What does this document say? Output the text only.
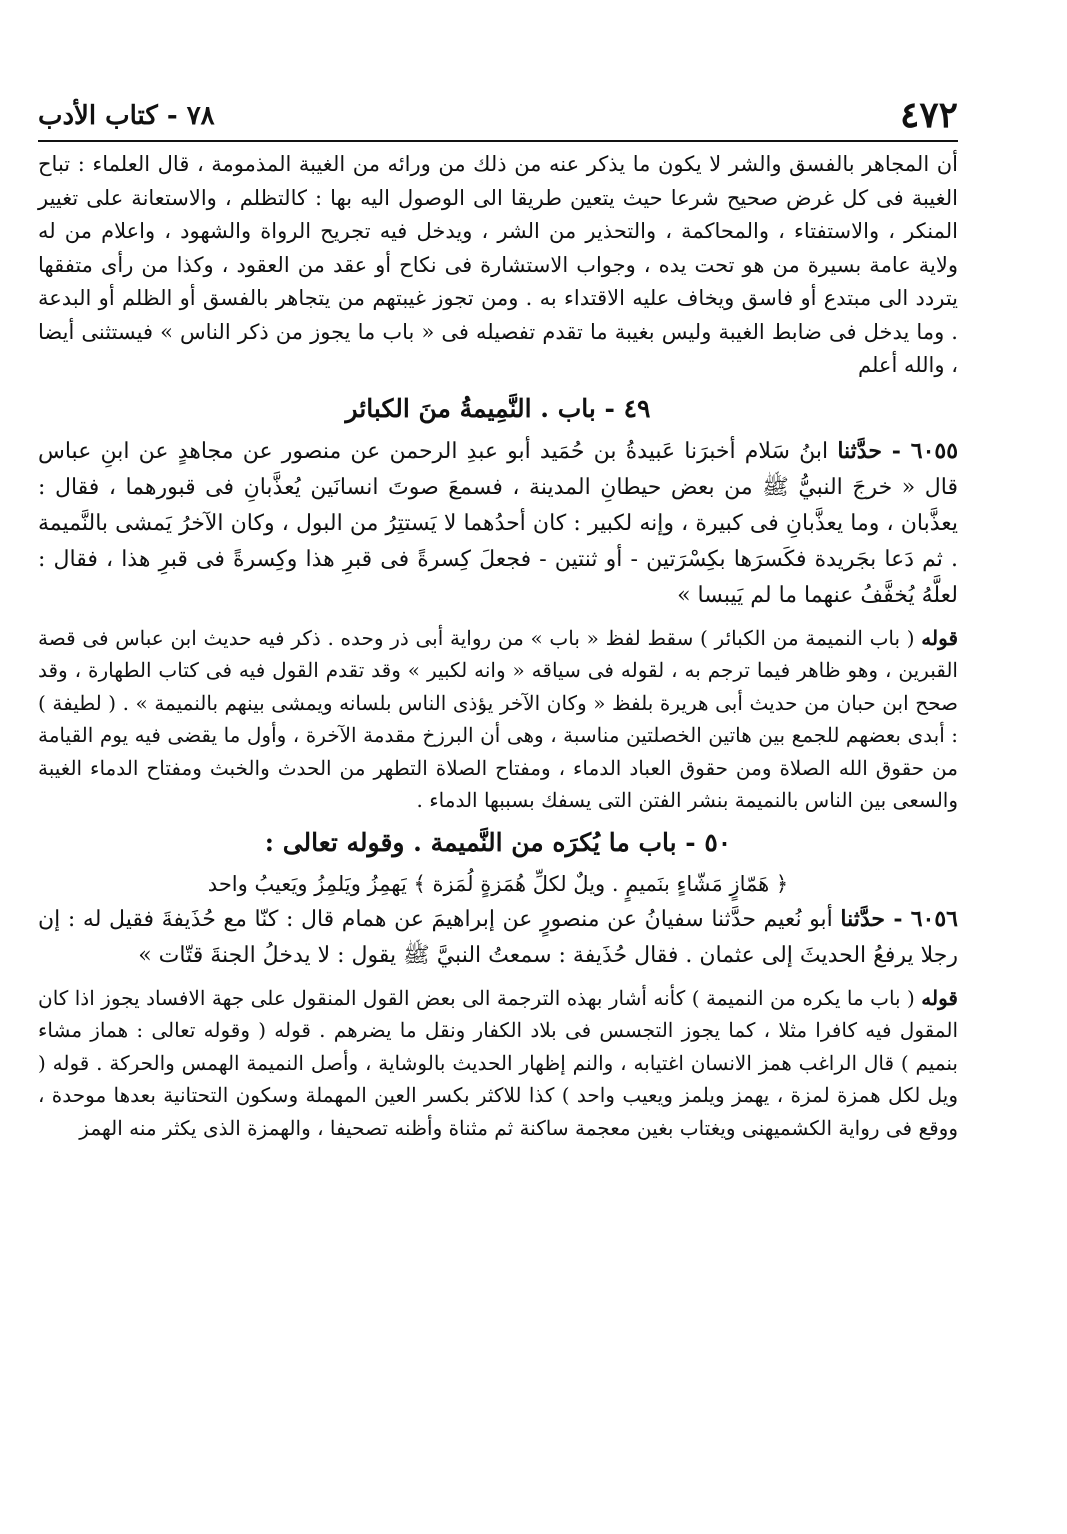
٤٧٢
٧٨ - كتاب الأدب

أن المجاهر بالفسق والشر لا يكون ما يذكر عنه من ذلك من ورائه من الغيبة المذمومة ، قال العلماء : تباح الغيبة فى كل غرض صحيح شرعا حيث يتعين طريقا الى الوصول اليه بها : كالتظلم ، والاستعانة على تغيير المنكر ، والاستفتاء ، والمحاكمة ، والتحذير من الشر ، ويدخل فيه تجريح الرواة والشهود ، واعلام من له ولاية عامة بسيرة من هو تحت يده ، وجواب الاستشارة فى نكاح أو عقد من العقود ، وكذا من رأى متفقها يتردد الى مبتدع أو فاسق ويخاف عليه الاقتداء به . ومن تجوز غيبتهم من يتجاهر بالفسق أو الظلم أو البدعة . وما يدخل فى ضابط الغيبة وليس بغيبة ما تقدم تفصيله فى « باب ما يجوز من ذكر الناس » فيستثنى أيضا ، والله أعلم

٤٩ - باب . النَّمِيمةُ منَ الكبائر

٦٠٥٥ - حدَّثنا ابنُ سَلام أخبرَنا عَبيدةُ بن حُمَيد أبو عبدِ الرحمن عن منصور عن مجاهدٍ عن ابنِ عباس قال « خرجَ النبيُّ ﷺ من بعض حيطانِ المدينة ، فسمعَ صوتَ انسانَين يُعذَّبانِ فى قبورهما ، فقال : يعذَّبان ، وما يعذَّبانِ فى كبيرة ، وإنه لكبير : كان أحدُهما لا يَستتِرُ من البول ، وكان الآخرُ يَمشى بالنَّميمة . ثم دَعا بجَريدة فكَسرَها بكِسْرَتين - أو ثنتين - فجعلَ كِسرةً فى قبرِ هذا وكِسرةً فى قبرِ هذا ، فقال : لعلَّهُ يُخفَّفُ عنهما ما لم يَيبسا »

قوله ( باب النميمة من الكبائر ) سقط لفظ « باب » من رواية أبى ذر وحده . ذكر فيه حديث ابن عباس فى قصة القبرين ، وهو ظاهر فيما ترجم به ، لقوله فى سياقه « وانه لكبير » وقد تقدم القول فيه فى كتاب الطهارة ، وقد صحح ابن حبان من حديث أبى هريرة بلفظ « وكان الآخر يؤذى الناس بلسانه ويمشى بينهم بالنميمة » . ( لطيفة ) : أبدى بعضهم للجمع بين هاتين الخصلتين مناسبة ، وهى أن البرزخ مقدمة الآخرة ، وأول ما يقضى فيه يوم القيامة من حقوق الله الصلاة ومن حقوق العباد الدماء ، ومفتاح الصلاة التطهر من الحدث والخبث ومفتاح الدماء الغيبة والسعى بين الناس بالنميمة بنشر الفتن التى يسفك بسببها الدماء .

٥٠ - باب ما يُكرَه من النَّميمة . وقوله تعالى :

﴿ هَمّازٍ مَشّاءٍ بنَميمٍ . ويلٌ لكلِّ هُمَزةٍ لُمَزة ﴾ يَهمِزُ ويَلمِزُ ويَعيبُ واحد

٦٠٥٦ - حدَّثنا أبو نُعيم حدَّثنا سفيانُ عن منصورٍ عن إبراهيمَ عن همام قال : كنّا مع حُذَيفةَ فقيل له : إن رجلا يرفعُ الحديثَ إلى عثمان . فقال حُذَيفة : سمعتُ النبيَّ ﷺ يقول : لا يدخلُ الجنةَ قتّات »

قوله ( باب ما يكره من النميمة ) كأنه أشار بهذه الترجمة الى بعض القول المنقول على جهة الافساد يجوز اذا كان المقول فيه كافرا مثلا ، كما يجوز التجسس فى بلاد الكفار ونقل ما يضرهم . قوله ( وقوله تعالى : هماز مشاء بنميم ) قال الراغب همز الانسان اغتيابه ، والنم إظهار الحديث بالوشاية ، وأصل النميمة الهمس والحركة . قوله ( ويل لكل همزة لمزة ، يهمز ويلمز ويعيب واحد ) كذا للاكثر بكسر العين المهملة وسكون التحتانية بعدها موحدة ، ووقع فى رواية الكشميهنى ويغتاب بغين معجمة ساكنة ثم مثناة وأظنه تصحيفا ، والهمزة الذى يكثر منه الهمز
